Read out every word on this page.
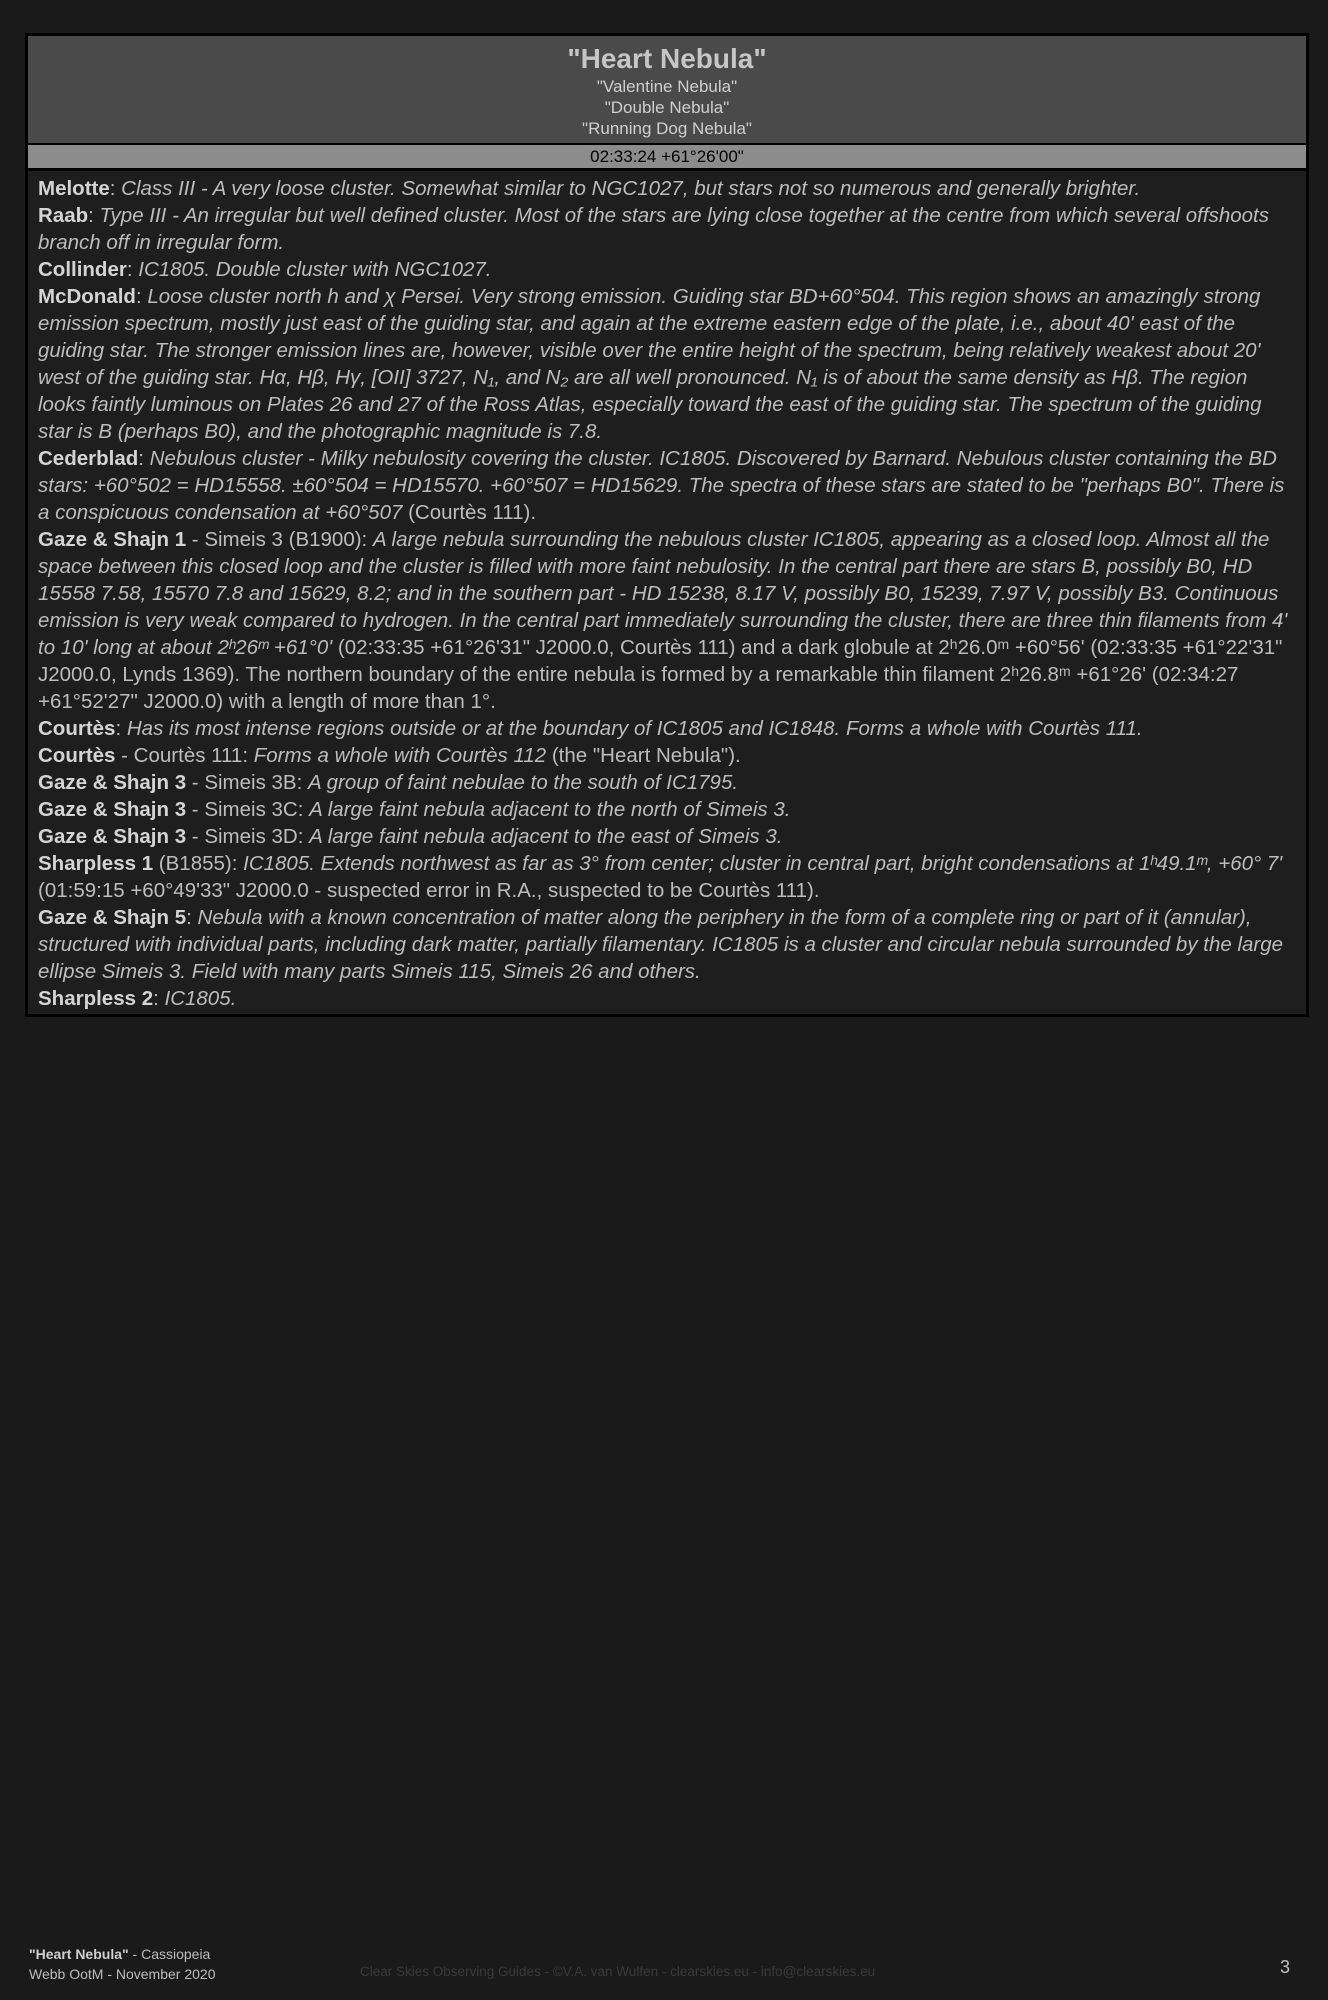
"Heart Nebula"
"Valentine Nebula"
"Double Nebula"
"Running Dog Nebula"
02:33:24 +61°26'00"
Melotte: Class III - A very loose cluster. Somewhat similar to NGC1027, but stars not so numerous and generally brighter.
Raab: Type III - An irregular but well defined cluster. Most of the stars are lying close together at the centre from which several offshoots branch off in irregular form.
Collinder: IC1805. Double cluster with NGC1027.
McDonald: Loose cluster north h and χ Persei. Very strong emission. Guiding star BD+60°504. This region shows an amazingly strong emission spectrum, mostly just east of the guiding star, and again at the extreme eastern edge of the plate, i.e., about 40' east of the guiding star. The stronger emission lines are, however, visible over the entire height of the spectrum, being relatively weakest about 20' west of the guiding star. Hα, Hβ, Hγ, [OII] 3727, N₁, and N₂ are all well pronounced. N₁ is of about the same density as Hβ. The region looks faintly luminous on Plates 26 and 27 of the Ross Atlas, especially toward the east of the guiding star. The spectrum of the guiding star is B (perhaps B0), and the photographic magnitude is 7.8.
Cederblad: Nebulous cluster - Milky nebulosity covering the cluster. IC1805. Discovered by Barnard. Nebulous cluster containing the BD stars: +60°502 = HD15558. ±60°504 = HD15570. +60°507 = HD15629. The spectra of these stars are stated to be "perhaps B0". There is a conspicuous condensation at +60°507 (Courtès 111).
Gaze & Shajn 1 - Simeis 3 (B1900): A large nebula surrounding the nebulous cluster IC1805, appearing as a closed loop. Almost all the space between this closed loop and the cluster is filled with more faint nebulosity. In the central part there are stars B, possibly B0, HD 15558 7.58, 15570 7.8 and 15629, 8.2; and in the southern part - HD 15238, 8.17 V, possibly B0, 15239, 7.97 V, possibly B3. Continuous emission is very weak compared to hydrogen. In the central part immediately surrounding the cluster, there are three thin filaments from 4' to 10' long at about 2ʰ26ᵐ +61°0' (02:33:35 +61°26'31" J2000.0, Courtès 111) and a dark globule at 2ʰ26.0ᵐ +60°56' (02:33:35 +61°22'31" J2000.0, Lynds 1369). The northern boundary of the entire nebula is formed by a remarkable thin filament 2ʰ26.8ᵐ +61°26' (02:34:27 +61°52'27" J2000.0) with a length of more than 1°.
Courtès: Has its most intense regions outside or at the boundary of IC1805 and IC1848. Forms a whole with Courtès 111.
Courtès - Courtès 111: Forms a whole with Courtès 112 (the "Heart Nebula").
Gaze & Shajn 3 - Simeis 3B: A group of faint nebulae to the south of IC1795.
Gaze & Shajn 3 - Simeis 3C: A large faint nebula adjacent to the north of Simeis 3.
Gaze & Shajn 3 - Simeis 3D: A large faint nebula adjacent to the east of Simeis 3.
Sharpless 1 (B1855): IC1805. Extends northwest as far as 3° from center; cluster in central part, bright condensations at 1ʰ49.1ᵐ, +60° 7' (01:59:15 +60°49'33" J2000.0 - suspected error in R.A., suspected to be Courtès 111).
Gaze & Shajn 5: Nebula with a known concentration of matter along the periphery in the form of a complete ring or part of it (annular), structured with individual parts, including dark matter, partially filamentary. IC1805 is a cluster and circular nebula surrounded by the large ellipse Simeis 3. Field with many parts Simeis 115, Simeis 26 and others.
Sharpless 2: IC1805.
"Heart Nebula" - Cassiopeia
Webb OotM - November 2020	Clear Skies Observing Guides - ©V.A. van Wulfen - clearskies.eu - info@clearskies.eu	3
